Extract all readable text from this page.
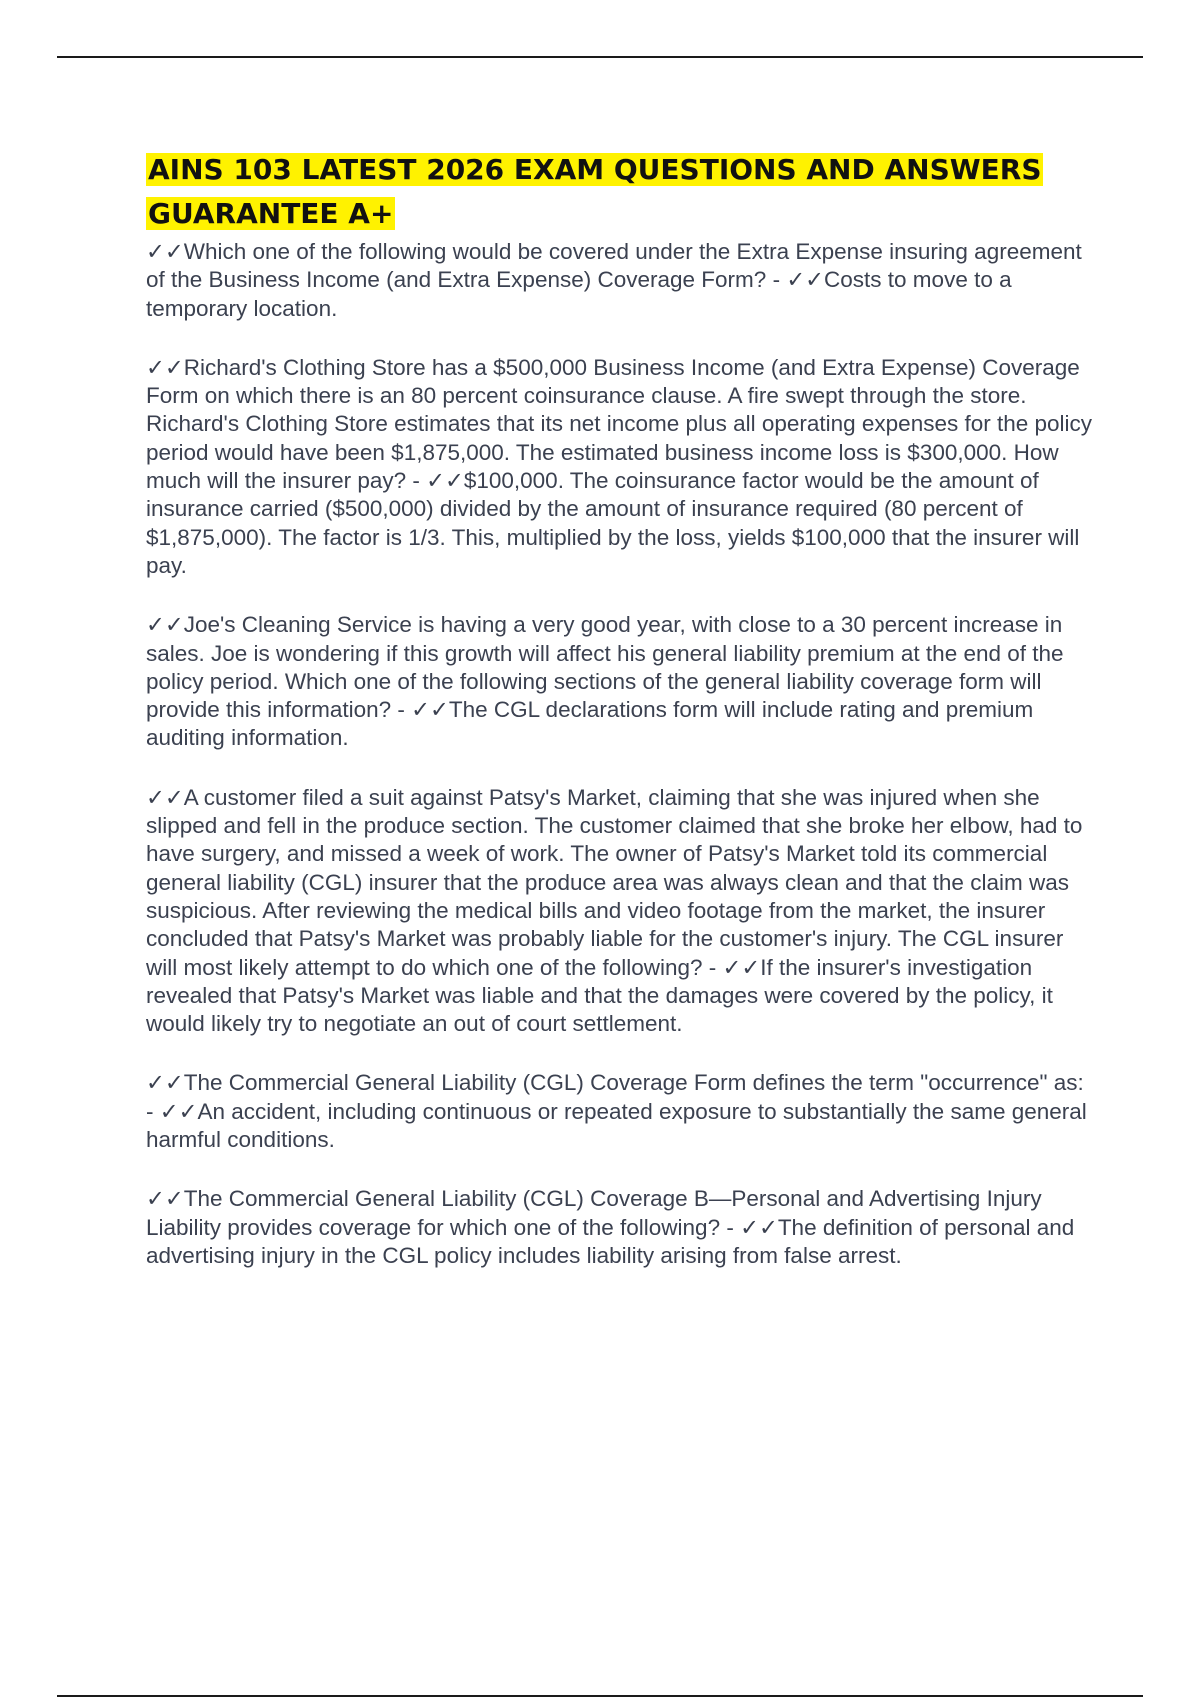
AINS 103 LATEST 2026 EXAM QUESTIONS AND ANSWERS GUARANTEE A+

✓✓Which one of the following would be covered under the Extra Expense insuring agreement of the Business Income (and Extra Expense) Coverage Form? - ✓✓Costs to move to a temporary location.

✓✓Richard's Clothing Store has a $500,000 Business Income (and Extra Expense) Coverage Form on which there is an 80 percent coinsurance clause. A fire swept through the store. Richard's Clothing Store estimates that its net income plus all operating expenses for the policy period would have been $1,875,000. The estimated business income loss is $300,000. How much will the insurer pay? - ✓✓$100,000. The coinsurance factor would be the amount of insurance carried ($500,000) divided by the amount of insurance required (80 percent of $1,875,000). The factor is 1/3. This, multiplied by the loss, yields $100,000 that the insurer will pay.

✓✓Joe's Cleaning Service is having a very good year, with close to a 30 percent increase in sales. Joe is wondering if this growth will affect his general liability premium at the end of the policy period. Which one of the following sections of the general liability coverage form will provide this information? - ✓✓The CGL declarations form will include rating and premium auditing information.

✓✓A customer filed a suit against Patsy's Market, claiming that she was injured when she slipped and fell in the produce section. The customer claimed that she broke her elbow, had to have surgery, and missed a week of work. The owner of Patsy's Market told its commercial general liability (CGL) insurer that the produce area was always clean and that the claim was suspicious. After reviewing the medical bills and video footage from the market, the insurer concluded that Patsy's Market was probably liable for the customer's injury. The CGL insurer will most likely attempt to do which one of the following? - ✓✓If the insurer's investigation revealed that Patsy's Market was liable and that the damages were covered by the policy, it would likely try to negotiate an out of court settlement.

✓✓The Commercial General Liability (CGL) Coverage Form defines the term "occurrence" as: - ✓✓An accident, including continuous or repeated exposure to substantially the same general harmful conditions.

✓✓The Commercial General Liability (CGL) Coverage B—Personal and Advertising Injury Liability provides coverage for which one of the following? - ✓✓The definition of personal and advertising injury in the CGL policy includes liability arising from false arrest.
